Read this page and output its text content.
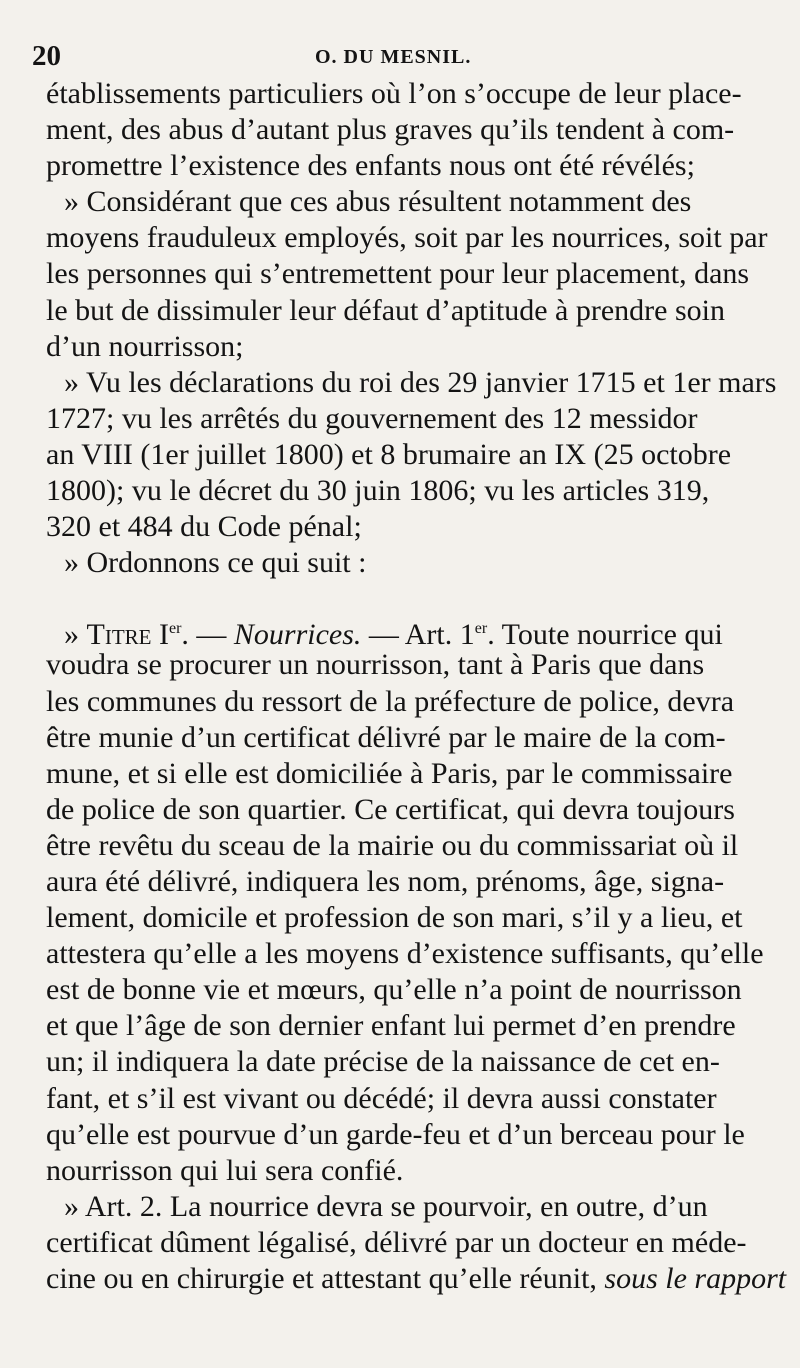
20	O. DU MESNIL.
établissements particuliers où l’on s’occupe de leur place-
ment, des abus d’autant plus graves qu’ils tendent à com-
promettre l’existence des enfants nous ont été révélés;
» Considérant que ces abus résultent notamment des
moyens frauduleux employés, soit par les nourrices, soit par
les personnes qui s’entremettent pour leur placement, dans
le but de dissimuler leur défaut d’aptitude à prendre soin
d’un nourrisson;
» Vu les déclarations du roi des 29 janvier 1715 et 1er mars
1727; vu les arrêtés du gouvernement des 12 messidor
an VIII (1er juillet 1800) et 8 brumaire an IX (25 octobre
1800); vu le décret du 30 juin 1806; vu les articles 319,
320 et 484 du Code pénal;
» Ordonnons ce qui suit :
» Titre Ier. — Nourrices. — Art. 1er. Toute nourrice qui
voudra se procurer un nourrisson, tant à Paris que dans
les communes du ressort de la préfecture de police, devra
être munie d’un certificat délivré par le maire de la com-
mune, et si elle est domiciliée à Paris, par le commissaire
de police de son quartier. Ce certificat, qui devra toujours
être revêtu du sceau de la mairie ou du commissariat où il
aura été délivré, indiquera les nom, prénoms, âge, signa-
lement, domicile et profession de son mari, s’il y a lieu, et
attestera qu’elle a les moyens d’existence suffisants, qu’elle
est de bonne vie et mœurs, qu’elle n’a point de nourrisson
et que l’âge de son dernier enfant lui permet d’en prendre
un; il indiquera la date précise de la naissance de cet en-
fant, et s’il est vivant ou décédé; il devra aussi constater
qu’elle est pourvue d’un garde-feu et d’un berceau pour le
nourrisson qui lui sera confié.
» Art. 2. La nourrice devra se pourvoir, en outre, d’un
certificat dûment légalisé, délivré par un docteur en méde-
cine ou en chirurgie et attestant qu’elle réunit, sous le rapport
